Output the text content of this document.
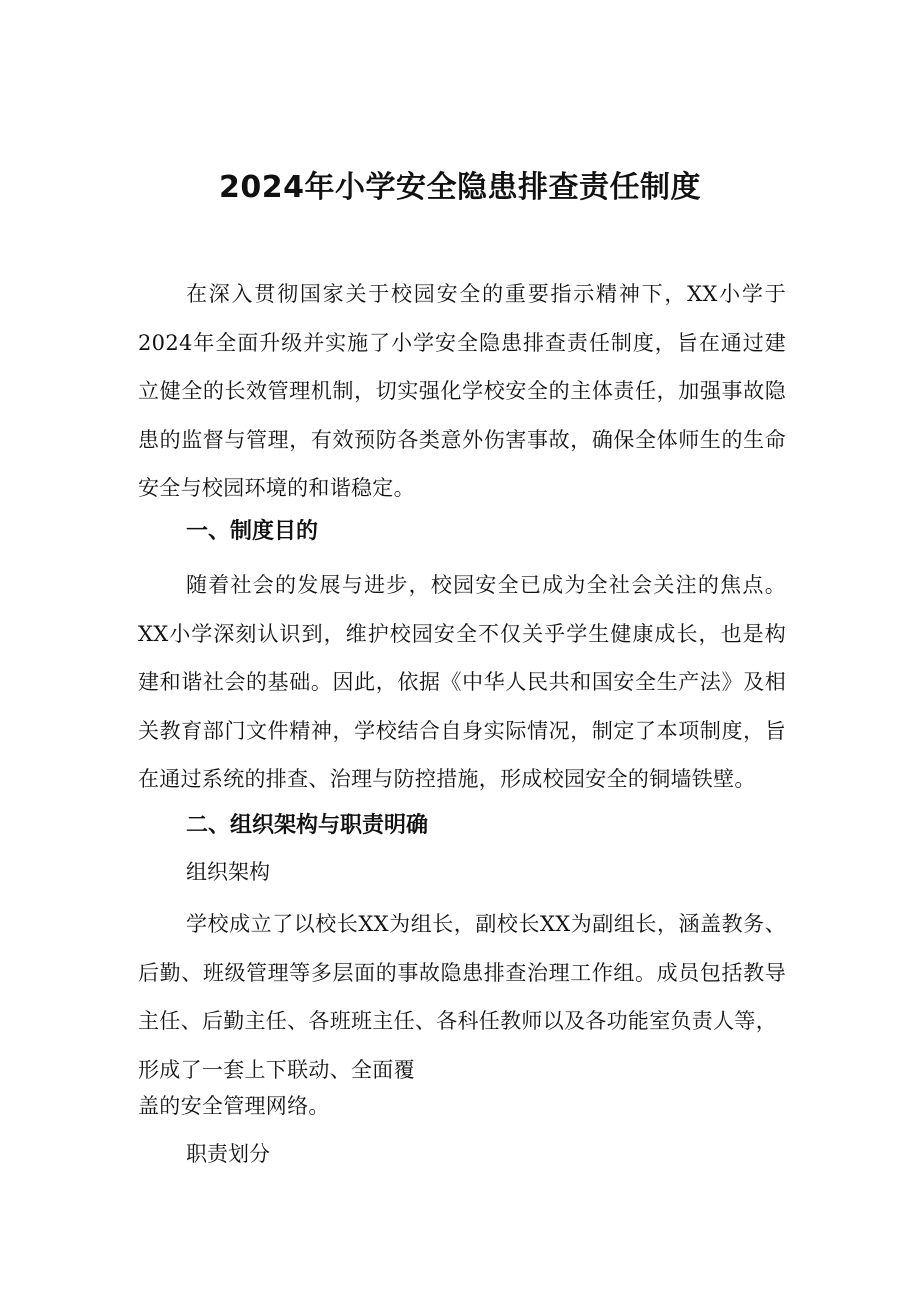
2024年小学安全隐患排查责任制度

在深入贯彻国家关于校园安全的重要指示精神下，XX小学于2024年全面升级并实施了小学安全隐患排查责任制度，旨在通过建立健全的长效管理机制，切实强化学校安全的主体责任，加强事故隐患的监督与管理，有效预防各类意外伤害事故，确保全体师生的生命安全与校园环境的和谐稳定。

一、制度目的

随着社会的发展与进步，校园安全已成为全社会关注的焦点。XX小学深刻认识到，维护校园安全不仅关乎学生健康成长，也是构建和谐社会的基础。因此，依据《中华人民共和国安全生产法》及相关教育部门文件精神，学校结合自身实际情况，制定了本项制度，旨在通过系统的排查、治理与防控措施，形成校园安全的铜墙铁壁。

二、组织架构与职责明确

组织架构

学校成立了以校长XX为组长，副校长XX为副组长，涵盖教务、后勤、班级管理等多层面的事故隐患排查治理工作组。成员包括教导主任、后勤主任、各班班主任、各科任教师以及各功能室负责人等，

形成了一套上下联动、全面覆

盖的安全管理网络。

职责划分
